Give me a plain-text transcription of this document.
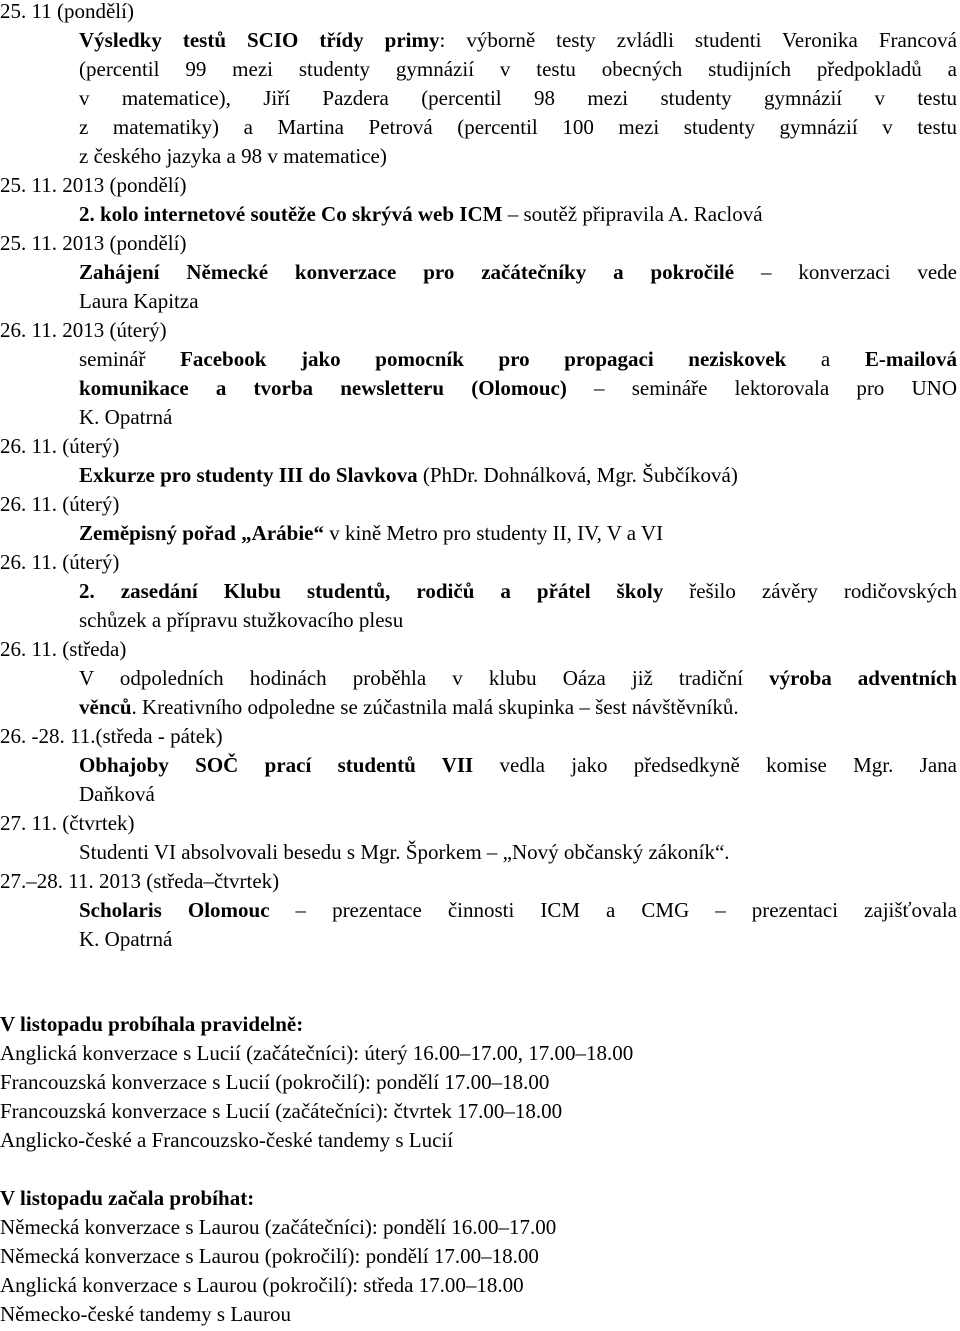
25. 11 (pondělí)
Výsledky testů SCIO třídy primy: výborně testy zvládli studenti Veronika Francová
(percentil 99 mezi studenty gymnázií v testu obecných studijních předpokladů a
v matematice), Jiří Pazdera (percentil 98 mezi studenty gymnázií v testu
z matematiky) a Martina Petrová (percentil 100 mezi studenty gymnázií v testu
z českého jazyka a 98 v matematice)
25. 11. 2013 (pondělí)
2. kolo internetové soutěže Co skrývá web ICM – soutěž připravila A. Raclová
25. 11. 2013 (pondělí)
Zahájení Německé konverzace pro začátečníky a pokročilé – konverzaci vede
Laura Kapitza
26. 11. 2013 (úterý)
seminář Facebook jako pomocník pro propagaci neziskovek a E-mailová
komunikace a tvorba newsletteru (Olomouc) – semináře lektorovala pro UNO
K. Opatrná
26. 11. (úterý)
Exkurze pro studenty III do Slavkova (PhDr. Dohnálková, Mgr. Šubčíková)
26. 11. (úterý)
Zeměpisný pořad „Arábie“ v kině Metro pro studenty II, IV, V a VI
26. 11. (úterý)
2. zasedání Klubu studentů, rodičů a přátel školy řešilo závěry rodičovských
schůzek a přípravu stužkovacího plesu
26. 11. (středa)
V odpoledních hodinách proběhla v klubu Oáza již tradiční výroba adventních
věnců. Kreativního odpoledne se zúčastnila malá skupinka – šest návštěvníků.
26. -28. 11.(středa - pátek)
Obhajoby SOČ prací studentů VII vedla jako předsedkyně komise Mgr. Jana
Daňková
27. 11. (čtvrtek)
Studenti VI absolvovali besedu s Mgr. Šporkem – „Nový občanský zákoník“.
27.–28. 11. 2013 (středa–čtvrtek)
Scholaris Olomouc – prezentace činnosti ICM a CMG – prezentaci zajišťovala
K. Opatrná
V listopadu probíhala pravidelně:
Anglická konverzace s Lucií (začátečníci): úterý 16.00–17.00, 17.00–18.00
Francouzská konverzace s Lucií (pokročilí): pondělí 17.00–18.00
Francouzská konverzace s Lucií (začátečníci): čtvrtek 17.00–18.00
Anglicko-české a Francouzsko-české tandemy s Lucií
V listopadu začala probíhat:
Německá konverzace s Laurou (začátečníci): pondělí 16.00–17.00
Německá konverzace s Laurou (pokročilí): pondělí 17.00–18.00
Anglická konverzace s Laurou (pokročilí): středa 17.00–18.00
Německo-české tandemy s Laurou
